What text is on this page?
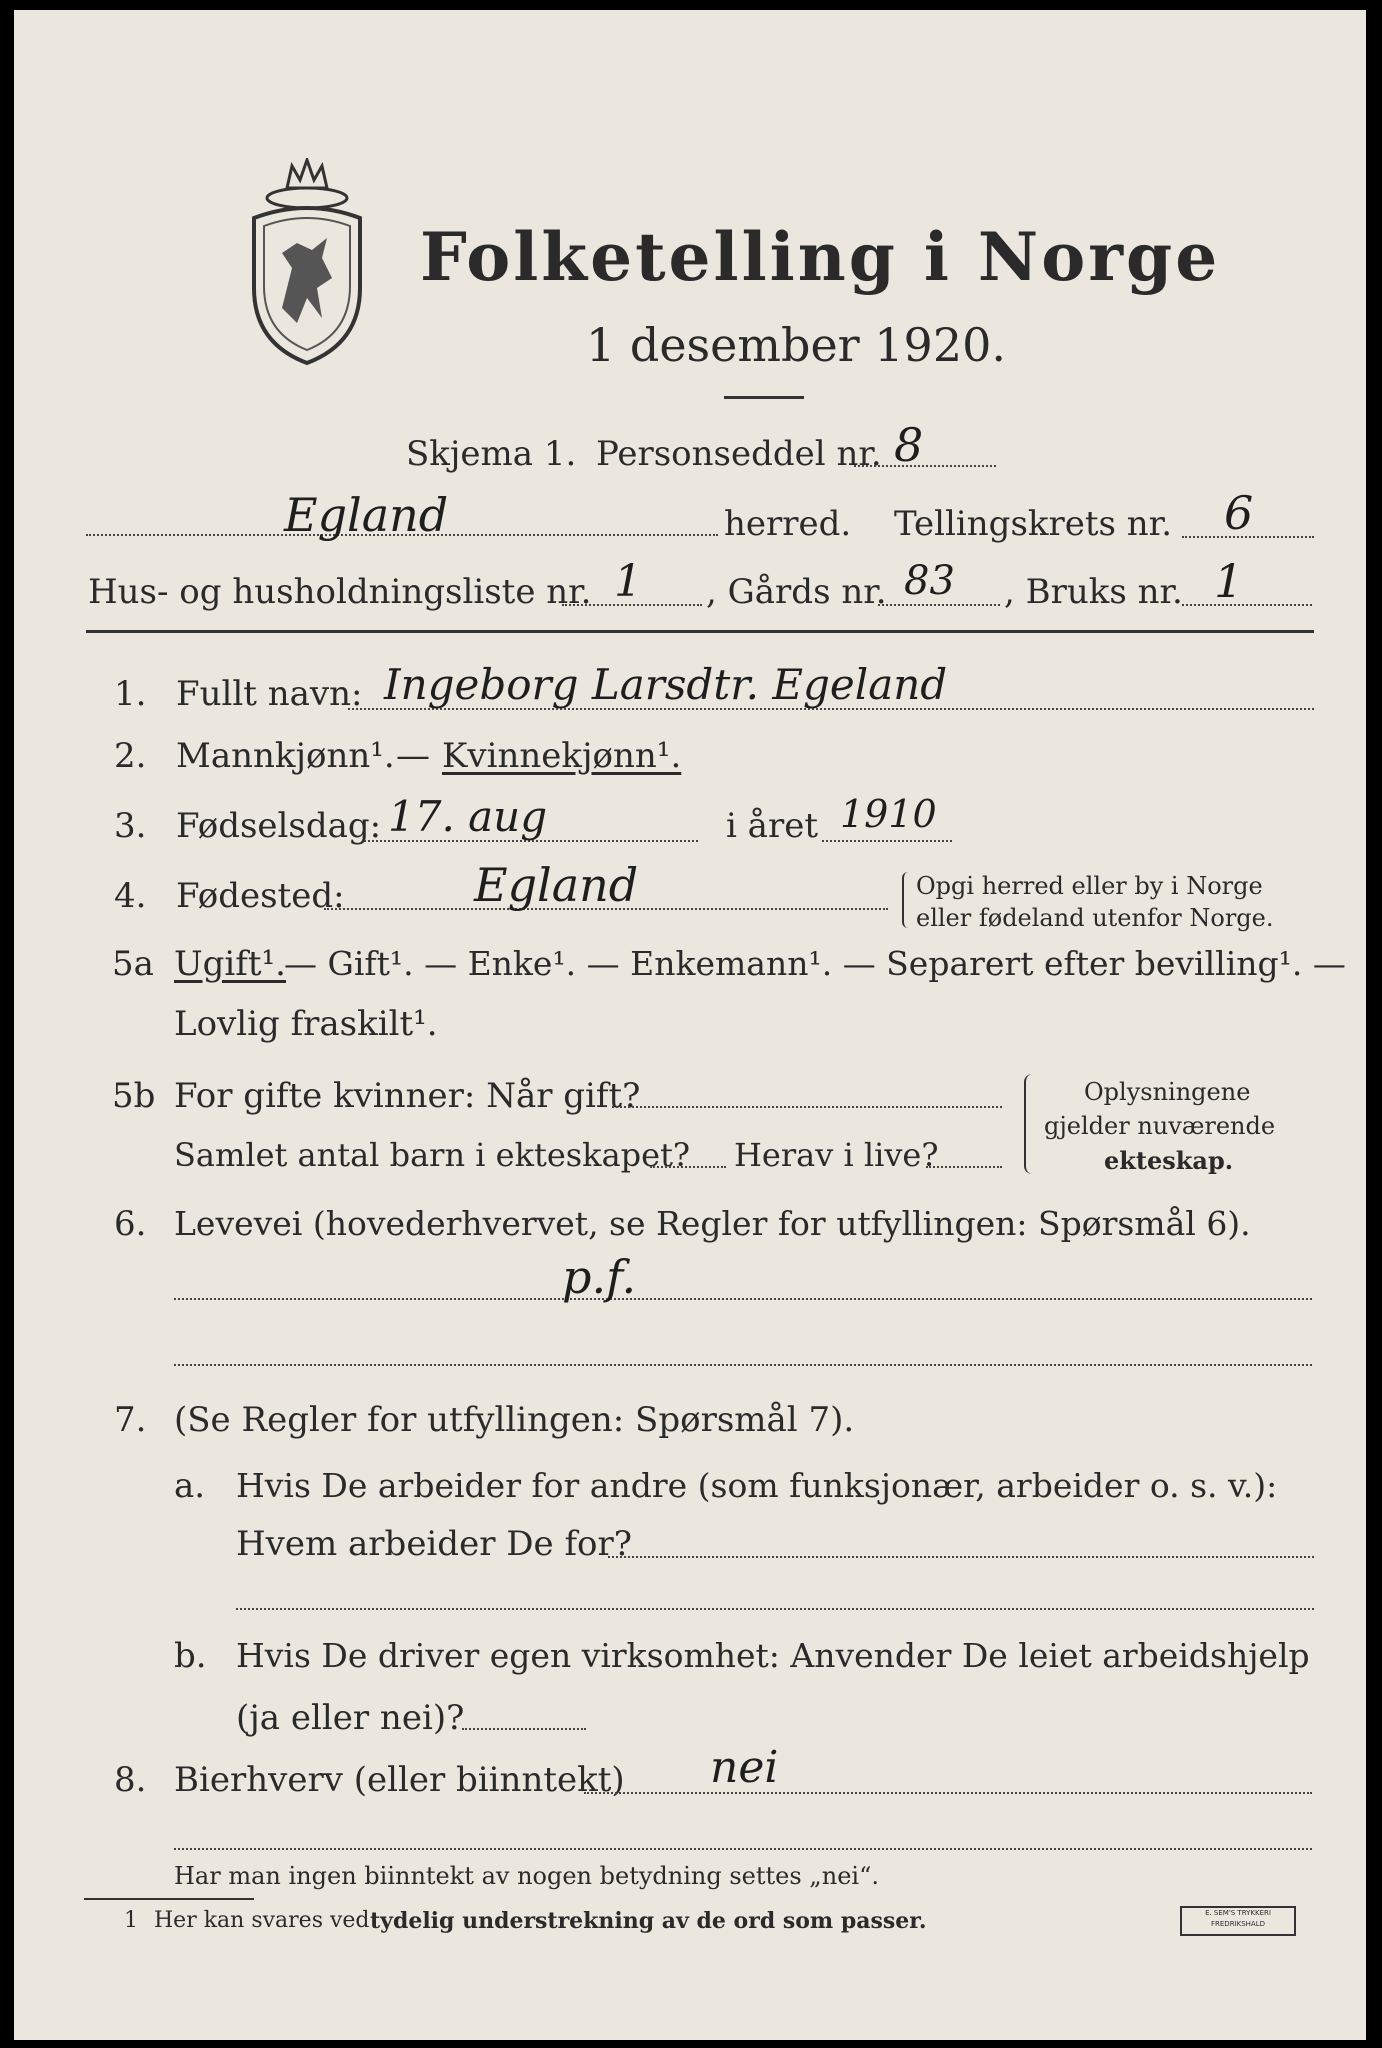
Folketelling i Norge
1 desember 1920.
Skjema 1. Personseddel nr. 8
Egland	herred. Tellingskrets nr. 6
Hus- og husholdningsliste nr. 1 , Gårds nr. 83 , Bruks nr. 1
1. Fullt navn: Ingeborg Larsdtr. Egeland
2. Mannkjønn¹. — Kvinnekjønn¹.
3. Fødselsdag: 17. aug	i året 1910
4. Fødested:	Egland	Opgi herred eller by i Norge
eller fødeland utenfor Norge.
5a Ugift¹.
— Gift¹. — Enke¹. — Enkemann¹. — Separert efter bevilling¹. —
Lovlig fraskilt¹.
5b For gifte kvinner: Når gift?
Samlet antal barn i ekteskapet? Herav i live?
Oplysningene
gjelder nuværende
ekteskap.
6. Levevei (hovederhvervet, se Regler for utfyllingen: Spørsmål 6).
p.f.
7. (Se Regler for utfyllingen: Spørsmål 7).
a. Hvis De arbeider for andre (som funksjonær, arbeider o. s. v.):
Hvem arbeider De for?
b. Hvis De driver egen virksomhet: Anvender De leiet arbeidshjelp
(ja eller nei)?
8. Bierhverv (eller biinntekt) nei
Har man ingen biinntekt av nogen betydning settes „nei“.
1 Her kan svares ved tydelig understrekning av de ord som passer.	E. SEM'S TRYKKERI
FREDRIKSHALD
